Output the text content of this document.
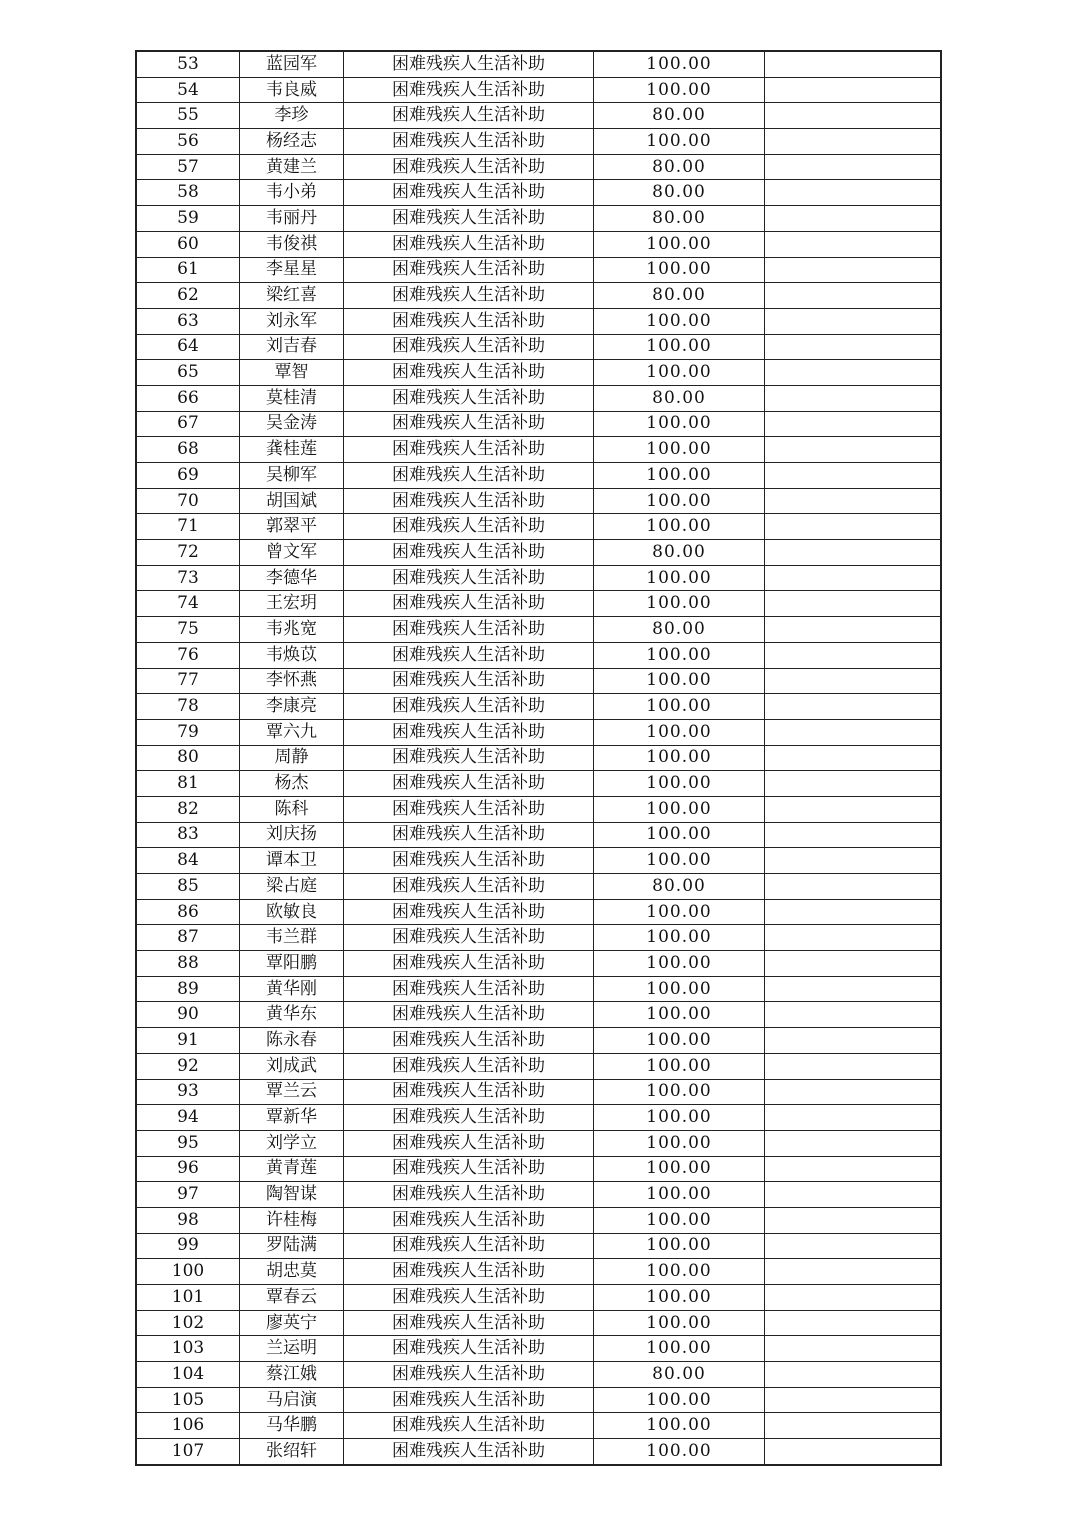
53	蓝园军	困难残疾人生活补助	100.00	
54	韦良威	困难残疾人生活补助	100.00	
55	李珍	困难残疾人生活补助	80.00	
56	杨经志	困难残疾人生活补助	100.00	
57	黄建兰	困难残疾人生活补助	80.00	
58	韦小弟	困难残疾人生活补助	80.00	
59	韦丽丹	困难残疾人生活补助	80.00	
60	韦俊祺	困难残疾人生活补助	100.00	
61	李星星	困难残疾人生活补助	100.00	
62	梁红喜	困难残疾人生活补助	80.00	
63	刘永军	困难残疾人生活补助	100.00	
64	刘吉春	困难残疾人生活补助	100.00	
65	覃智	困难残疾人生活补助	100.00	
66	莫桂清	困难残疾人生活补助	80.00	
67	吴金涛	困难残疾人生活补助	100.00	
68	龚桂莲	困难残疾人生活补助	100.00	
69	吴柳军	困难残疾人生活补助	100.00	
70	胡国斌	困难残疾人生活补助	100.00	
71	郭翠平	困难残疾人生活补助	100.00	
72	曾文军	困难残疾人生活补助	80.00	
73	李德华	困难残疾人生活补助	100.00	
74	王宏玥	困难残疾人生活补助	100.00	
75	韦兆宽	困难残疾人生活补助	80.00	
76	韦焕苡	困难残疾人生活补助	100.00	
77	李怀燕	困难残疾人生活补助	100.00	
78	李康亮	困难残疾人生活补助	100.00	
79	覃六九	困难残疾人生活补助	100.00	
80	周静	困难残疾人生活补助	100.00	
81	杨杰	困难残疾人生活补助	100.00	
82	陈科	困难残疾人生活补助	100.00	
83	刘庆扬	困难残疾人生活补助	100.00	
84	谭本卫	困难残疾人生活补助	100.00	
85	梁占庭	困难残疾人生活补助	80.00	
86	欧敏良	困难残疾人生活补助	100.00	
87	韦兰群	困难残疾人生活补助	100.00	
88	覃阳鹏	困难残疾人生活补助	100.00	
89	黄华刚	困难残疾人生活补助	100.00	
90	黄华东	困难残疾人生活补助	100.00	
91	陈永春	困难残疾人生活补助	100.00	
92	刘成武	困难残疾人生活补助	100.00	
93	覃兰云	困难残疾人生活补助	100.00	
94	覃新华	困难残疾人生活补助	100.00	
95	刘学立	困难残疾人生活补助	100.00	
96	黄青莲	困难残疾人生活补助	100.00	
97	陶智谋	困难残疾人生活补助	100.00	
98	许桂梅	困难残疾人生活补助	100.00	
99	罗陆满	困难残疾人生活补助	100.00	
100	胡忠莫	困难残疾人生活补助	100.00	
101	覃春云	困难残疾人生活补助	100.00	
102	廖英宁	困难残疾人生活补助	100.00	
103	兰运明	困难残疾人生活补助	100.00	
104	蔡江娥	困难残疾人生活补助	80.00	
105	马启演	困难残疾人生活补助	100.00	
106	马华鹏	困难残疾人生活补助	100.00	
107	张绍轩	困难残疾人生活补助	100.00	
